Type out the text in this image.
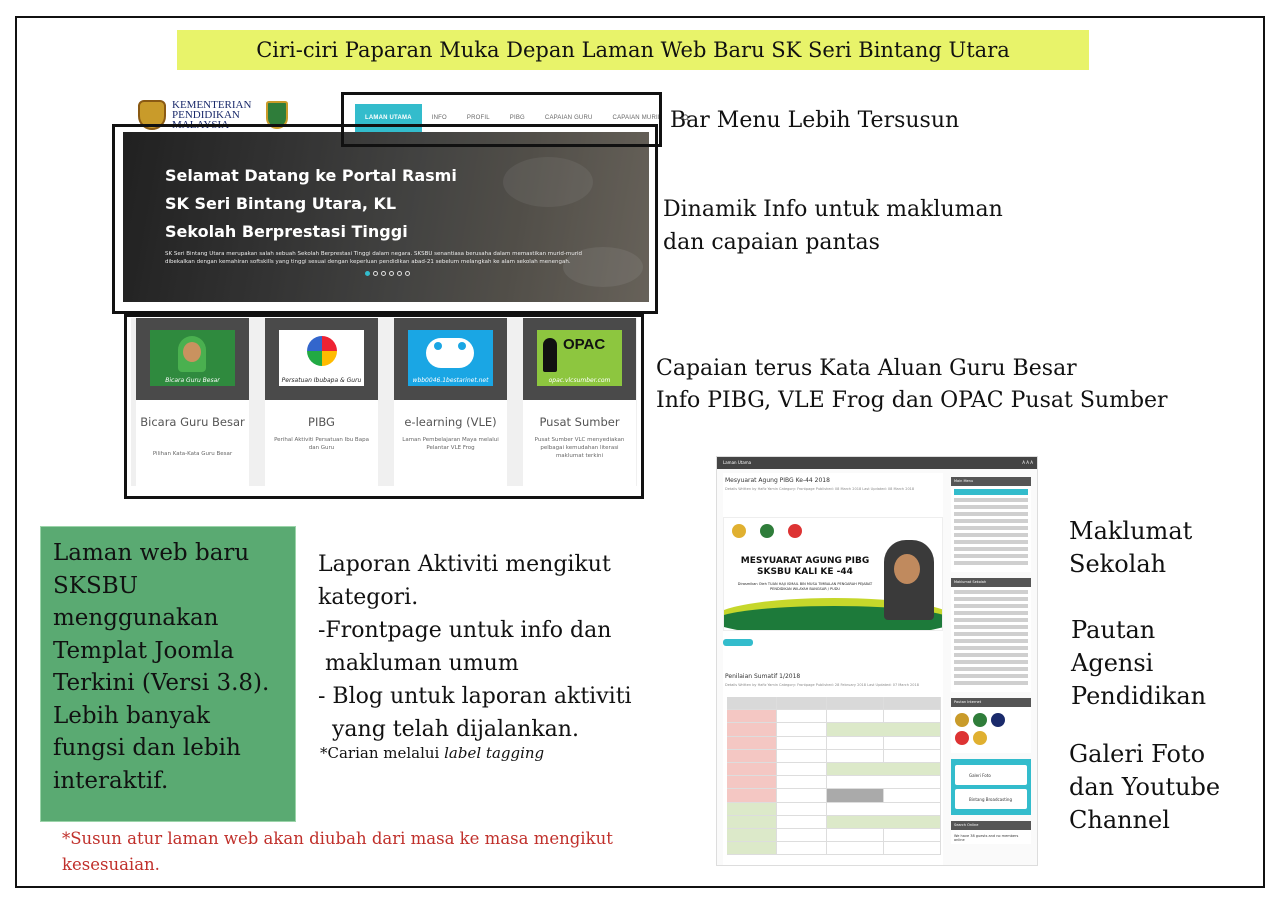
Ciri-ciri Paparan Muka Depan Laman Web Baru SK Seri Bintang Utara
KEMENTERIAN PENDIDIKAN MALAYSIA
LAMAN UTAMA	INFO	PROFIL	PIBG	CAPAIAN GURU	CAPAIAN MURID
Selamat Datang ke Portal Rasmi
SK Seri Bintang Utara, KL
Sekolah Berprestasi Tinggi
SK Seri Bintang Utara merupakan salah sebuah Sekolah Berprestasi Tinggi dalam negara. SKSBU senantiasa berusaha dalam memastikan murid-murid dibekalkan dengan kemahiran softskills yang tinggi sesuai dengan keperluan pendidikan abad-21 sebelum melangkah ke alam sekolah menengah.
Bicara Guru Besar
Bicara Guru Besar
Pilihan Kata-Kata Guru Besar
Persatuan Ibubapa & Guru
PIBG
Perihal Aktiviti Persatuan Ibu Bapa dan Guru
wbb0046.1bestarinet.net
e-learning (VLE)
Laman Pembelajaran Maya melalui Pelantar VLE Frog
OPAC
opac.vlcsumber.com
Pusat Sumber
Pusat Sumber VLC menyediakan pelbagai kemudahan literasi maklumat terkini
Bar Menu Lebih Tersusun
Dinamik Info untuk makluman
dan capaian pantas
Capaian terus Kata Aluan Guru Besar
Info PIBG, VLE Frog dan OPAC Pusat Sumber
Laman web baru
SKSBU
menggunakan
Templat Joomla
Terkini (Versi 3.8).
Lebih banyak
fungsi dan lebih
interaktif.
Laporan Aktiviti mengikut
kategori.
-Frontpage untuk info dan
makluman umum
- Blog untuk laporan aktiviti
yang telah dijalankan.
*Carian melalui label tagging
*Susun atur laman web akan diubah dari masa ke masa mengikut
kesesuaian.
Laman Utama	A A A
Mesyuarat Agung PIBG Ke-44 2018
Details Written by Hafiz Yamin Category: Frontpage Published: 08 March 2018 Last Updated: 08 March 2018
MESYUARAT AGUNG PIBG SKSBU KALI KE -44
Dirasmikan Oleh TUAN HAJI ISMAIL BIN MUSA TIMBALAN PENGARAH PEJABAT PENDIDIKAN WILAYAH BANGSAR / PUDU
Penilaian Sumatif 1/2018
Details Written by Hafiz Yamin Category: Frontpage Published: 28 February 2018 Last Updated: 07 March 2018
Main Menu
Maklumat Sekolah
Pautan Internet
Galeri Foto
Bintang Broadcasting
Search Online
We have 38 guests and no members online
Maklumat
Sekolah
Pautan
Agensi
Pendidikan
Galeri Foto
dan Youtube
Channel
